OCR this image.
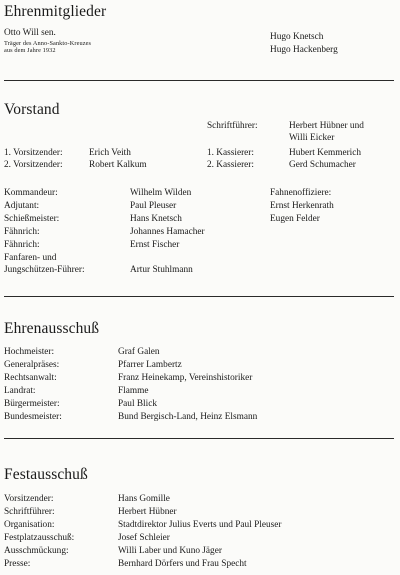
Ehrenmitglieder
Otto Will sen.
Träger des Anno-Sankto-Kreuzes
aus dem Jahre 1932
Hugo Knetsch
Hugo Hackenberg
Vorstand
Schriftführer:	Herbert Hübner und
Willi Eicker
1. Vorsitzender:	Erich Veith
2. Vorsitzender:	Robert Kalkum
1. Kassierer:	Hubert Kemmerich
2. Kassierer:	Gerd Schumacher
Kommandeur:	Wilhelm Wilden
Adjutant:	Paul Pleuser
Schießmeister:	Hans Knetsch
Fähnrich:	Johannes Hamacher
Fähnrich:	Ernst Fischer
Fanfaren- und
Jungschützen-Führer:	Artur Stuhlmann
Fahnenoffiziere:
Ernst Herkenrath
Eugen Felder
Ehrenausschuß
Hochmeister:	Graf Galen
Generalpräses:	Pfarrer Lambertz
Rechtsanwalt:	Franz Heinekamp, Vereinshistoriker
Landrat:	Flamme
Bürgermeister:	Paul Blick
Bundesmeister:	Bund Bergisch-Land, Heinz Elsmann
Festausschuß
Vorsitzender:	Hans Gomille
Schriftführer:	Herbert Hübner
Organisation:	Stadtdirektor Julius Everts und Paul Pleuser
Festplatzausschuß:	Josef Schleier
Ausschmückung:	Willi Laber und Kuno Jäger
Presse:	Bernhard Dörfers und Frau Specht
